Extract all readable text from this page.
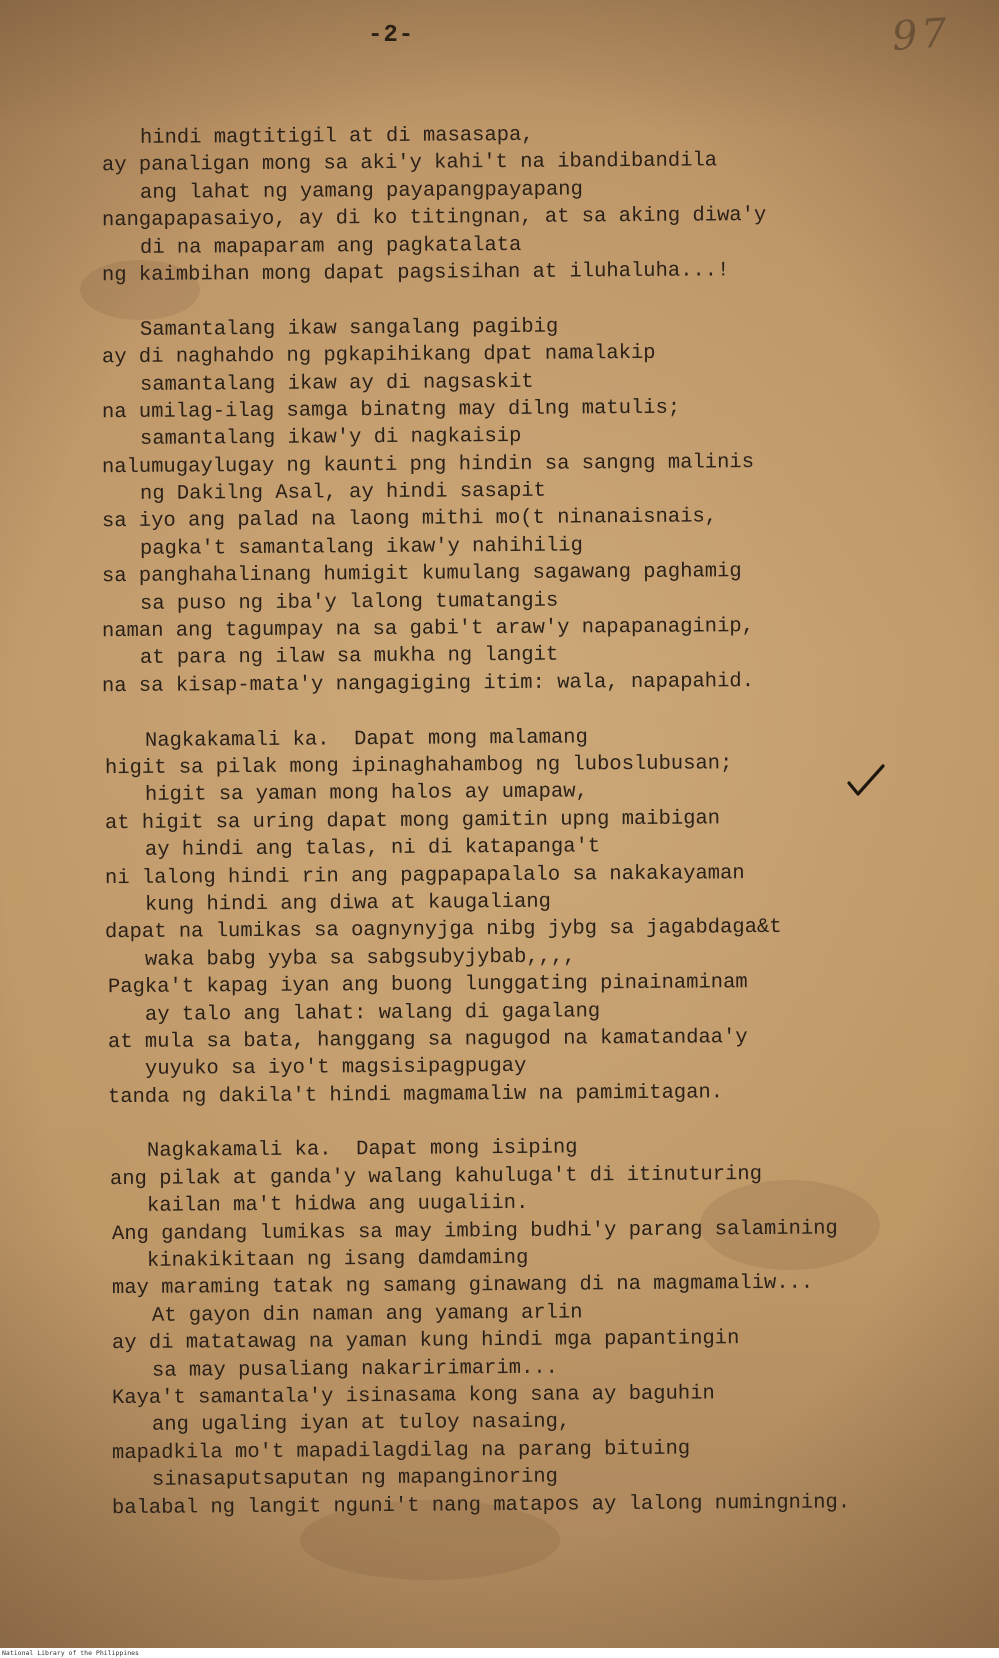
-2-	97
hindi magtitigil at di masasapa,
ay panaligan mong sa aki'y kahi't na ibandibandila
ang lahat ng yamang payapangpayapang
nangapapasaiyo, ay di ko titingnan, at sa aking diwa'y
di na mapaparam ang pagkatalata
ng kaimbihan mong dapat pagsisihan at iluhaluha...!
Samantalang ikaw sangalang pagibig
ay di naghahdo ng pgkapihikang dpat namalakip
samantalang ikaw ay di nagsaskit
na umilag-ilag samga binatng may dilng matulis;
samantalang ikaw'y di nagkaisip
nalumugaylugay ng kaunti png hindin sa sangng malinis
ng Dakilng Asal, ay hindi sasapit
sa iyo ang palad na laong mithi mo(t ninanaisnais,
pagka't samantalang ikaw'y nahihilig
sa panghahalinang humigit kumulang sagawang paghamig
sa puso ng iba'y lalong tumatangis
naman ang tagumpay na sa gabi't araw'y napapanaginip,
at para ng ilaw sa mukha ng langit
na sa kisap-mata'y nangagiging itim: wala, napapahid.
Nagkakamali ka.  Dapat mong malamang
higit sa pilak mong ipinaghahambog ng luboslubusan;
higit sa yaman mong halos ay umapaw,
at higit sa uring dapat mong gamitin upng maibigan
ay hindi ang talas, ni di katapanga't
ni lalong hindi rin ang pagpapapalalo sa nakakayaman
kung hindi ang diwa at kaugaliang
dapat na lumikas sa oagnynyjga nibg jybg sa jagabdaga&t
waka babg yyba sa sabgsubyjybab,,,,
Pagka't kapag iyan ang buong lunggating pinainaminam
ay talo ang lahat: walang di gagalang
at mula sa bata, hanggang sa nagugod na kamatandaa'y
yuyuko sa iyo't magsisipagpugay
tanda ng dakila't hindi magmamaliw na pamimitagan.
Nagkakamali ka.  Dapat mong isiping
ang pilak at ganda'y walang kahuluga't di itinuturing
kailan ma't hidwa ang uugaliin.
Ang gandang lumikas sa may imbing budhi'y parang salamining
kinakikitaan ng isang damdaming
may maraming tatak ng samang ginawang di na magmamaliw...
At gayon din naman ang yamang arlin
ay di matatawag na yaman kung hindi mga papantingin
sa may pusaliang nakaririmarim...
Kaya't samantala'y isinasama kong sana ay baguhin
ang ugaling iyan at tuloy nasaing,
mapadkila mo't mapadilagdilag na parang bituing
sinasaputsaputan ng mapanginoring
balabal ng langit nguni't nang matapos ay lalong numingning.
National Library of the Philippines
